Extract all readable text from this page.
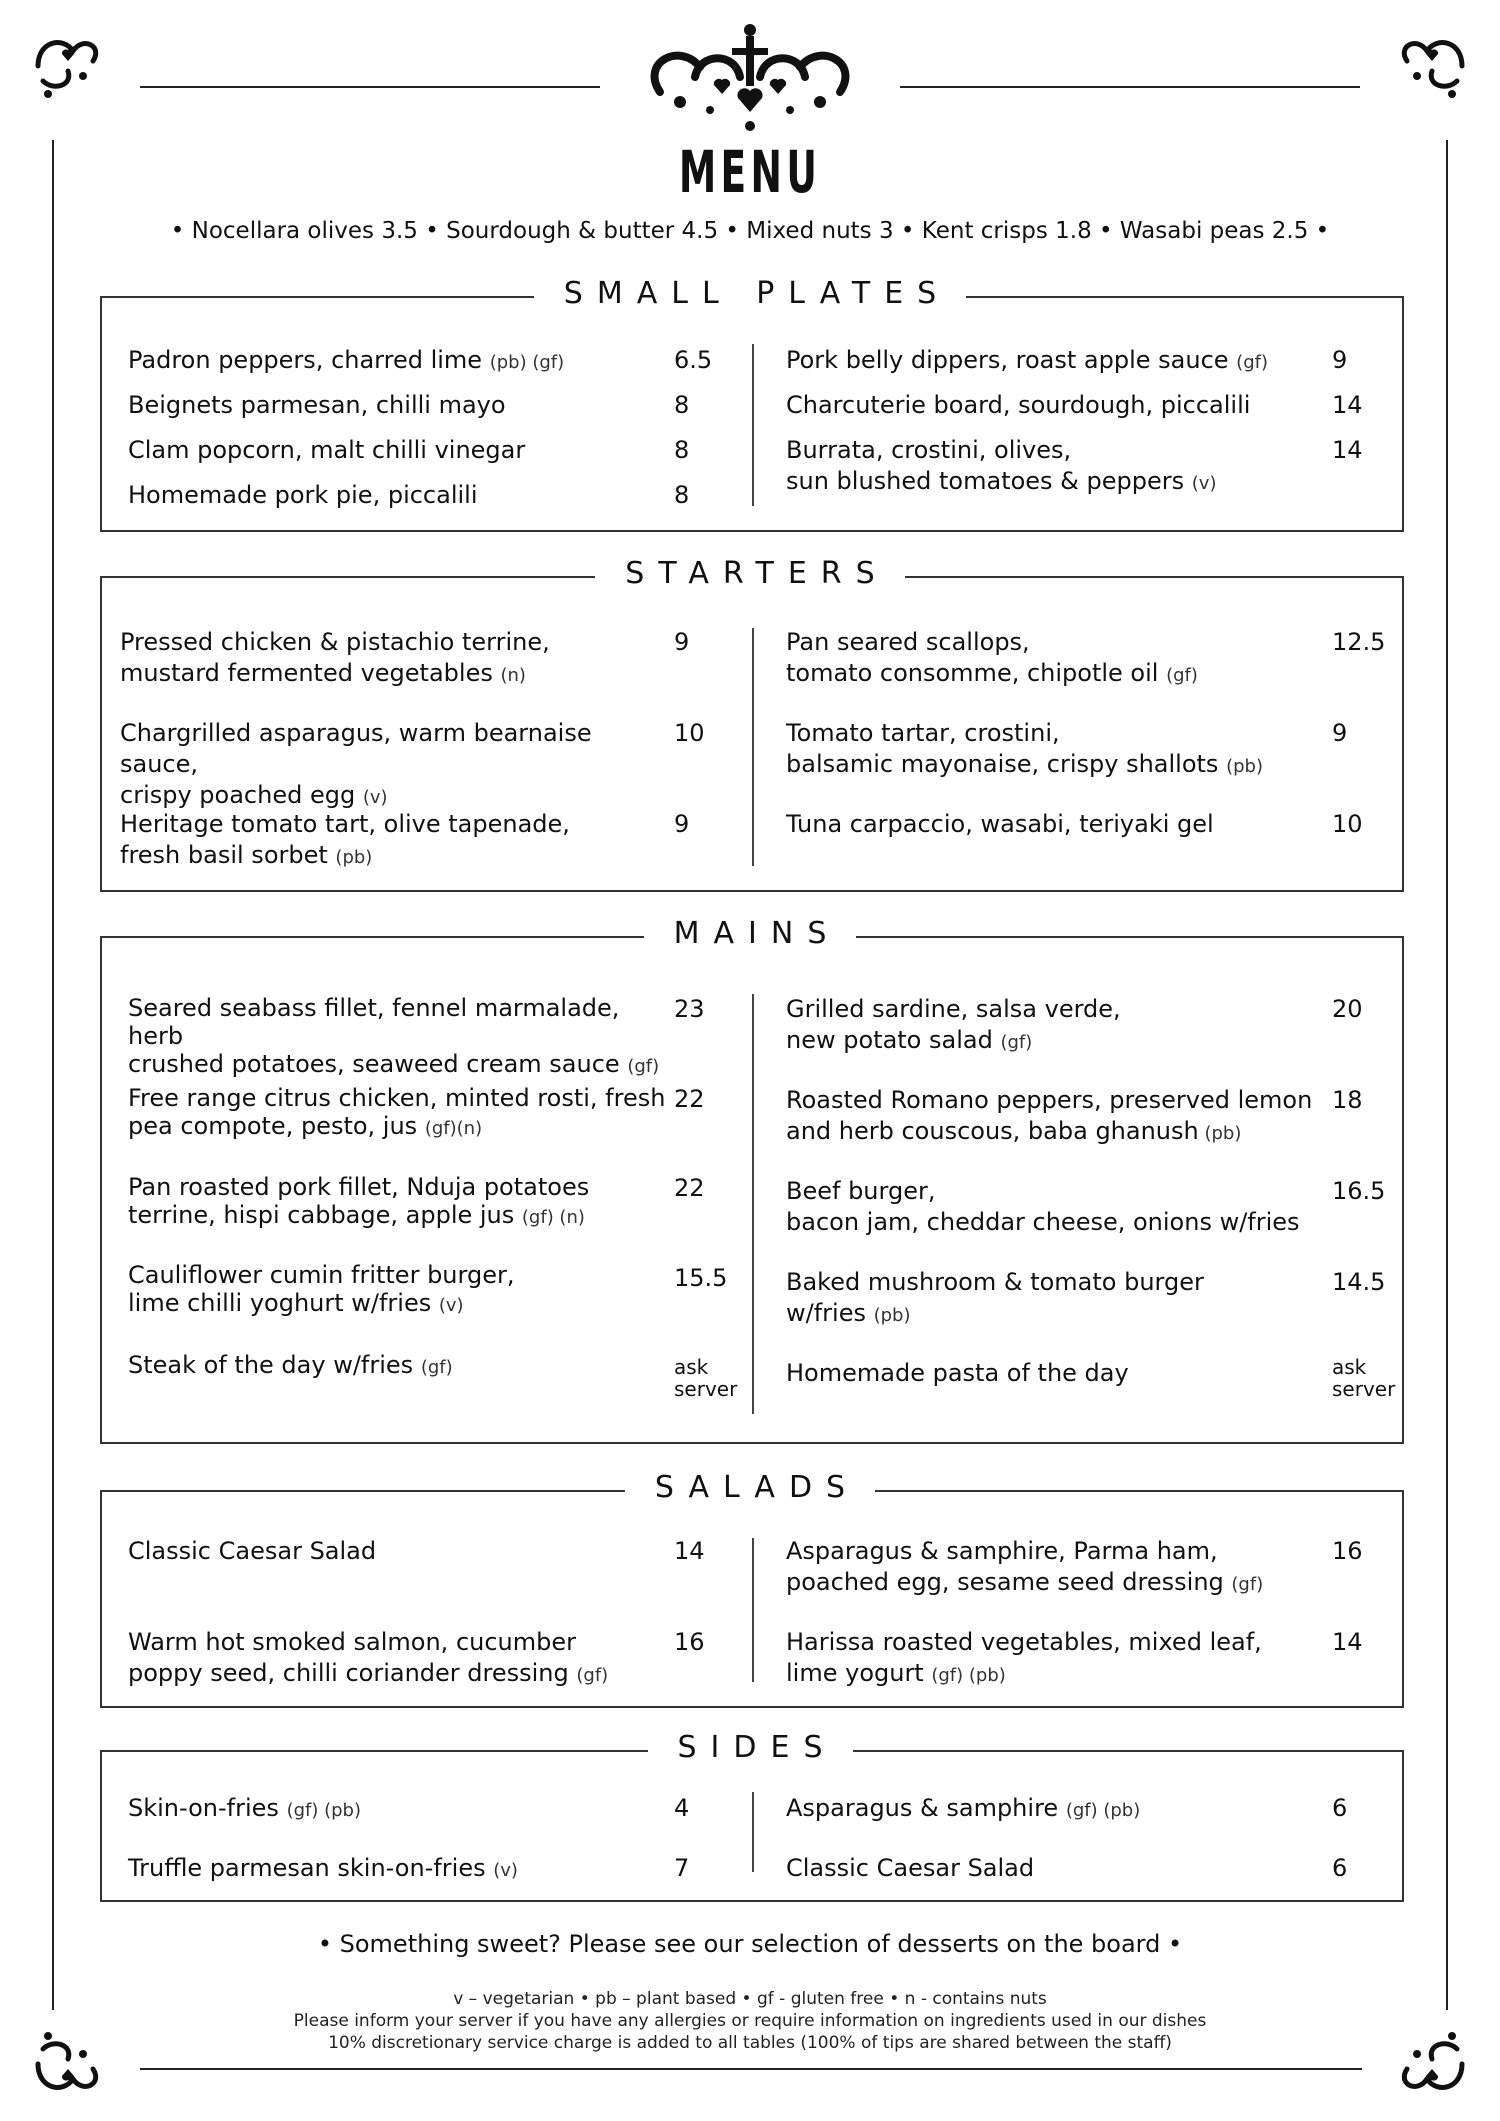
MENU
• Nocellara olives 3.5 • Sourdough & butter 4.5 • Mixed nuts 3 • Kent crisps 1.8 • Wasabi peas 2.5 •
SMALL PLATES
STARTERS
MAINS
SALADS
SIDES
Padron peppers, charred lime (pb) (gf)	6.5
Beignets parmesan, chilli mayo	8
Clam popcorn, malt chilli vinegar	8
Homemade pork pie, piccalili	8
Pork belly dippers, roast apple sauce (gf)	9
Charcuterie board, sourdough, piccalili	14
Burrata, crostini, olives,
sun blushed tomatoes & peppers (v)
14
Pressed chicken & pistachio terrine,
mustard fermented vegetables (n)
9
Chargrilled asparagus, warm bearnaise sauce,
crispy poached egg (v)
10
Heritage tomato tart, olive tapenade,
fresh basil sorbet (pb)
9
Pan seared scallops,
tomato consomme, chipotle oil (gf)
12.5
Tomato tartar, crostini,
balsamic mayonaise, crispy shallots (pb)
9
Tuna carpaccio, wasabi, teriyaki gel	10
Seared seabass fillet, fennel marmalade, herb
crushed potatoes, seaweed cream sauce (gf)
23
Free range citrus chicken, minted rosti, fresh
pea compote, pesto, jus (gf)(n)
22
Pan roasted pork fillet, Nduja potatoes
terrine, hispi cabbage, apple jus (gf) (n)
22
Cauliflower cumin fritter burger,
lime chilli yoghurt w/fries (v)
15.5
Steak of the day w/fries (gf)	ask server
Grilled sardine, salsa verde,
new potato salad (gf)
20
Roasted Romano peppers, preserved lemon
and herb couscous, baba ghanush (pb)
18
Beef burger,
bacon jam, cheddar cheese, onions w/fries
16.5
Baked mushroom & tomato burger
w/fries (pb)
14.5
Homemade pasta of the day	ask server
Classic Caesar Salad	14
Warm hot smoked salmon, cucumber
poppy seed, chilli coriander dressing (gf)
16
Asparagus & samphire, Parma ham,
poached egg, sesame seed dressing (gf)
16
Harissa roasted vegetables, mixed leaf,
lime yogurt (gf) (pb)
14
Skin-on-fries (gf) (pb)	4
Truffle parmesan skin-on-fries (v)	7
Asparagus & samphire (gf) (pb)	6
Classic Caesar Salad	6
• Something sweet? Please see our selection of desserts on the board •
v – vegetarian • pb – plant based • gf - gluten free • n - contains nuts
Please inform your server if you have any allergies or require information on ingredients used in our dishes
10% discretionary service charge is added to all tables (100% of tips are shared between the staff)
